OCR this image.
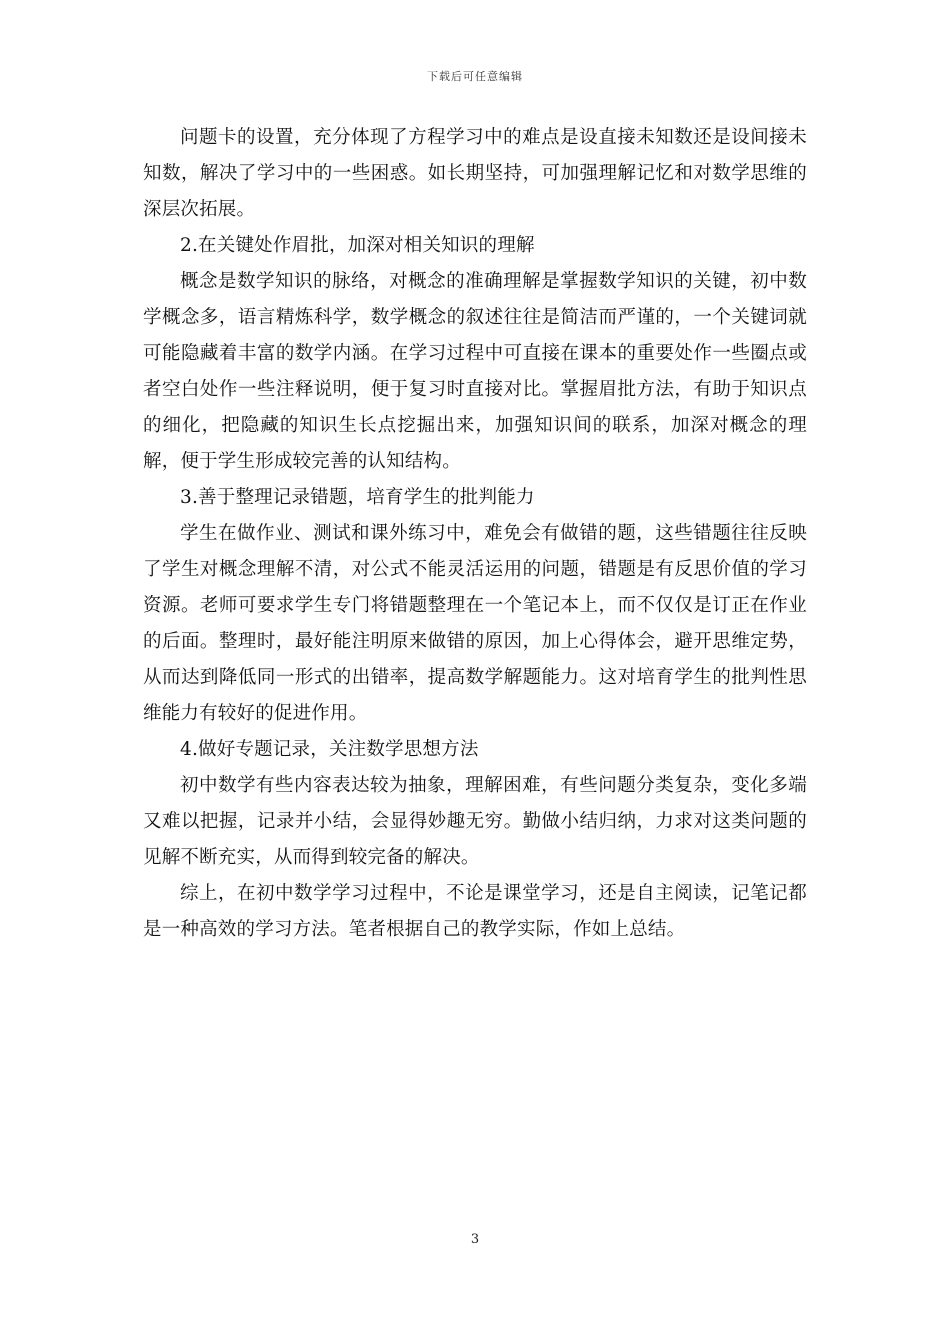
下载后可任意编辑

问题卡的设置，充分体现了方程学习中的难点是设直接未知数还是设间接未知数，解决了学习中的一些困惑。如长期坚持，可加强理解记忆和对数学思维的深层次拓展。

2.在关键处作眉批，加深对相关知识的理解

概念是数学知识的脉络，对概念的准确理解是掌握数学知识的关键，初中数学概念多，语言精炼科学，数学概念的叙述往往是简洁而严谨的，一个关键词就可能隐藏着丰富的数学内涵。在学习过程中可直接在课本的重要处作一些圈点或者空白处作一些注释说明，便于复习时直接对比。掌握眉批方法，有助于知识点的细化，把隐藏的知识生长点挖掘出来，加强知识间的联系，加深对概念的理解，便于学生形成较完善的认知结构。

3.善于整理记录错题，培育学生的批判能力

学生在做作业、测试和课外练习中，难免会有做错的题，这些错题往往反映了学生对概念理解不清，对公式不能灵活运用的问题，错题是有反思价值的学习资源。老师可要求学生专门将错题整理在一个笔记本上，而不仅仅是订正在作业的后面。整理时，最好能注明原来做错的原因，加上心得体会，避开思维定势，从而达到降低同一形式的出错率，提高数学解题能力。这对培育学生的批判性思维能力有较好的促进作用。

4.做好专题记录，关注数学思想方法

初中数学有些内容表达较为抽象，理解困难，有些问题分类复杂，变化多端又难以把握，记录并小结，会显得妙趣无穷。勤做小结归纳，力求对这类问题的见解不断充实，从而得到较完备的解决。

综上，在初中数学学习过程中，不论是课堂学习，还是自主阅读，记笔记都是一种高效的学习方法。笔者根据自己的教学实际，作如上总结。

3
